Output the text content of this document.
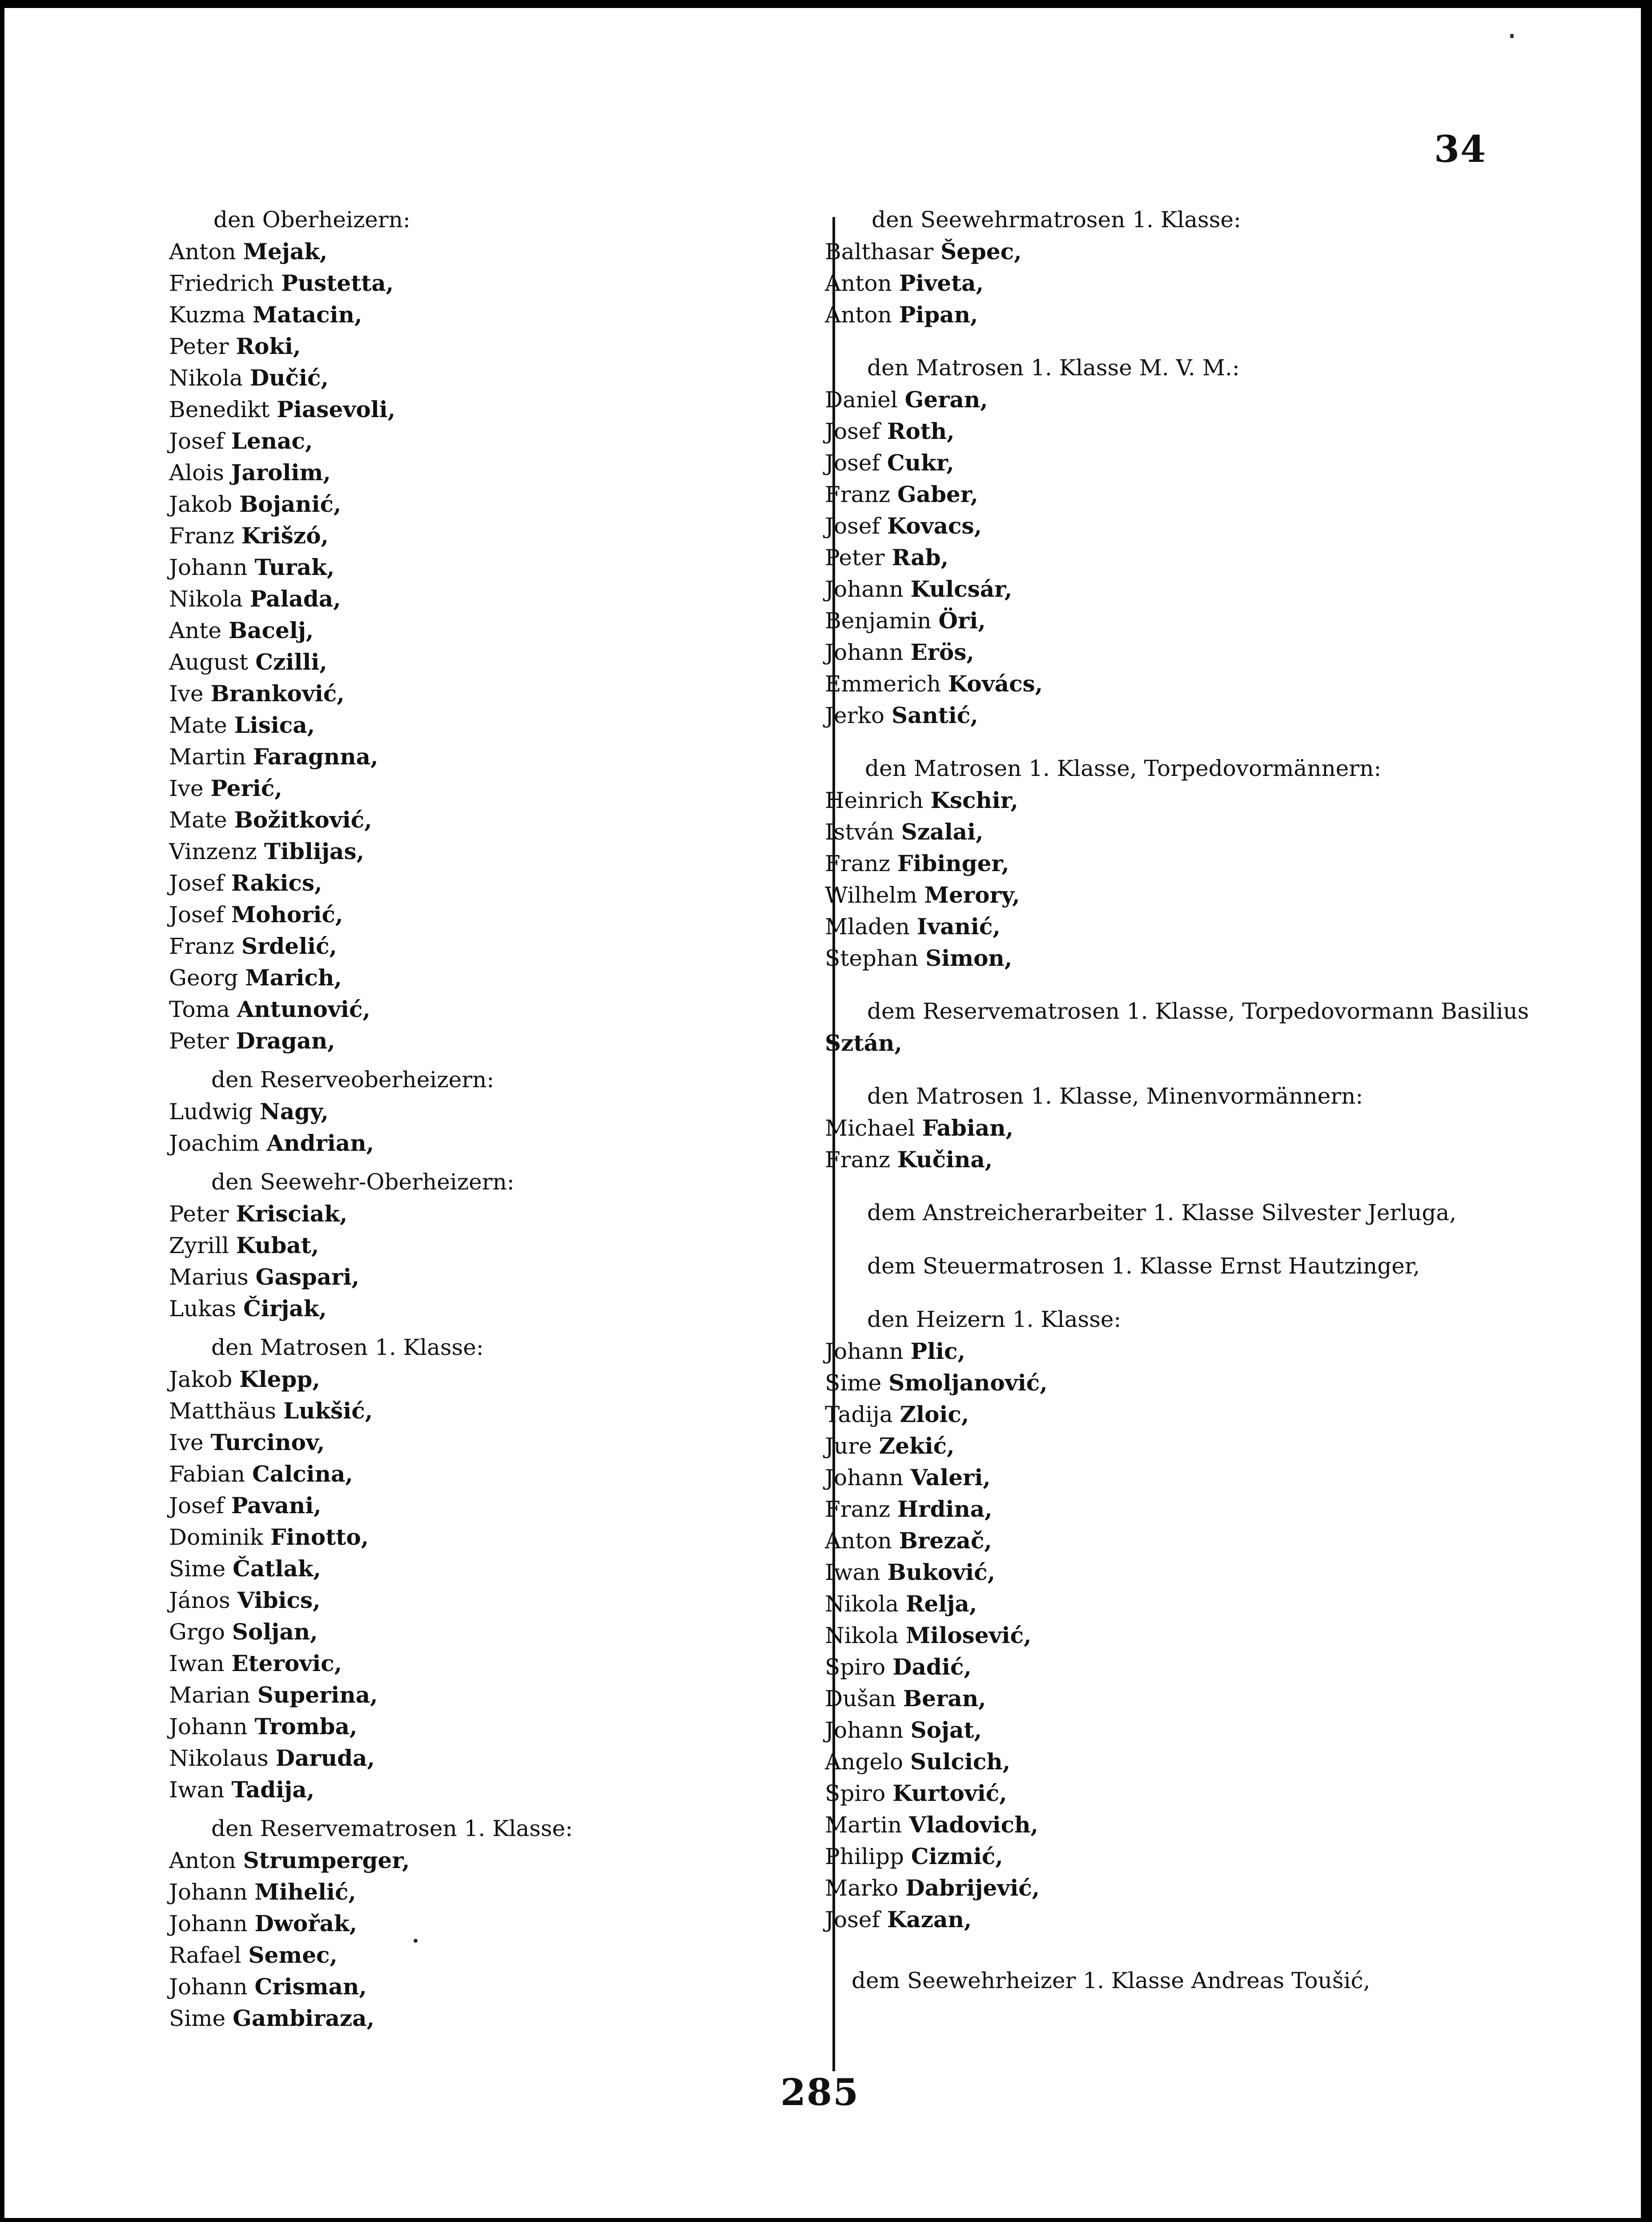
34
den Oberheizern:
Anton Mejak,
Friedrich Pustetta,
Kuzma Matacin,
Peter Roki,
Nikola Dučić,
Benedikt Piasevoli,
Josef Lenac,
Alois Jarolim,
Jakob Bojanić,
Franz Krišzó,
Johann Turak,
Nikola Palada,
Ante Bacelj,
August Czilli,
Ive Branković,
Mate Lisica,
Martin Faragnna,
Ive Perić,
Mate Božitković,
Vinzenz Tiblijas,
Josef Rakics,
Josef Mohorić,
Franz Srdelić,
Georg Marich,
Toma Antunović,
Peter Dragan,
den Reserveoberheizern:
Ludwig Nagy,
Joachim Andrian,
den Seewehr-Oberheizern:
Peter Krisciak,
Zyrill Kubat,
Marius Gaspari,
Lukas Čirjak,
den Matrosen 1. Klasse:
Jakob Klepp,
Matthäus Lukšić,
Ive Turcinov,
Fabian Calcina,
Josef Pavani,
Dominik Finotto,
Sime Čatlak,
János Vibics,
Grgo Soljan,
Iwan Eterovic,
Marian Superina,
Johann Tromba,
Nikolaus Daruda,
Iwan Tadija,
den Reservematrosen 1. Klasse:
Anton Strumperger,
Johann Mihelić,
Johann Dwořak,
Rafael Semec,
Johann Crisman,
Sime Gambiraza,
den Seewehrmatrosen 1. Klasse:
Balthasar Šepec,
Anton Piveta,
Anton Pipan,
den Matrosen 1. Klasse M. V. M.:
Daniel Geran,
Josef Roth,
Josef Cukr,
Franz Gaber,
Josef Kovacs,
Peter Rab,
Johann Kulcsár,
Benjamin Öri,
Johann Erös,
Emmerich Kovács,
Jerko Santić,
den Matrosen 1. Klasse, Torpedovormännern:
Heinrich Kschir,
István Szalai,
Franz Fibinger,
Wilhelm Merory,
Mladen Ivanić,
Stephan Simon,
dem Reservematrosen 1. Klasse, Torpedovormann Basilius
Sztán,
den Matrosen 1. Klasse, Minenvormännern:
Michael Fabian,
Franz Kučina,
dem Anstreicherarbeiter 1. Klasse Silvester Jerluga,
dem Steuermatrosen 1. Klasse Ernst Hautzinger,
den Heizern 1. Klasse:
Johann Plic,
Sime Smoljanović,
Tadija Zloic,
Jure Zekić,
Johann Valeri,
Franz Hrdina,
Anton Brezač,
Iwan Buković,
Nikola Relja,
Nikola Milosević,
Spiro Dadić,
Dušan Beran,
Johann Sojat,
Angelo Sulcich,
Spiro Kurtović,
Martin Vladovich,
Philipp Cizmić,
Marko Dabrijević,
Josef Kazan,
dem Seewehrheizer 1. Klasse Andreas Toušić,
285
